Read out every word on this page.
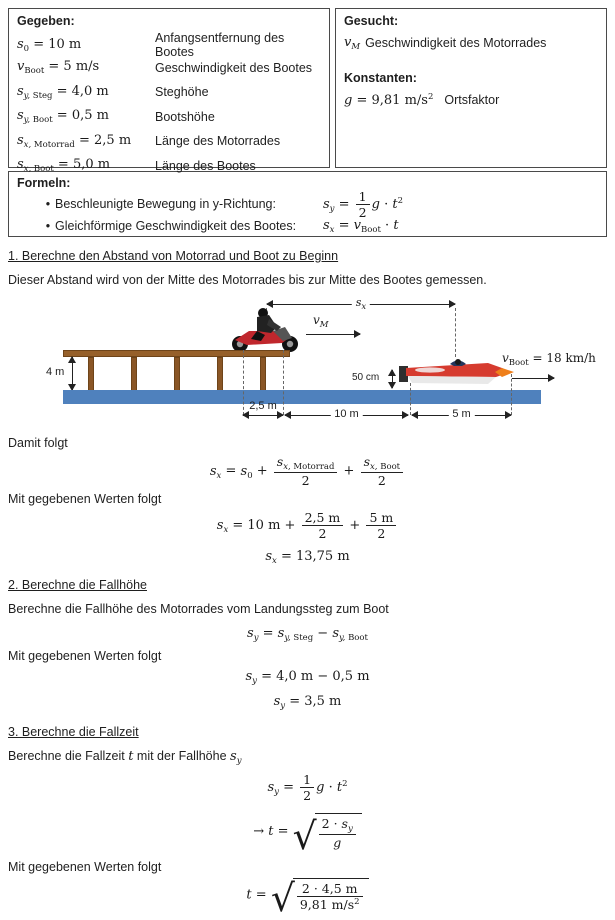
Gegeben:
$s_0 = 10$ m	Anfangsentfernung des Bootes
$v_{Boot} = 5$ m/s	Geschwindigkeit des Bootes
$s_{y,}$ $_{Steg}$ = 4,0 m	Steghöhe
$s_{y,}$ $_{Boot}$ = 0,5 m	Bootshöhe
$s_{x,}$ $_{Motorrad}$ = 2,5 m	Länge des Motorrades
$s_{x,}$ $_{Boot}$ = 5,0 m	Länge des Bootes
Gesucht:
$v_M$ Geschwindigkeit des Motorrades
Konstanten:
g = 9,81 $m/s^2$ Ortsfaktor
Formeln:
• Beschleunigte Bewegung in y-Richtung:	$s_y = \frac{1}{2}$ $g \cdot t^2$
• Gleichförmige Geschwindigkeit des Bootes:	$s_x = v_{Boot} \cdot t$

1. Berechne den Abstand von Motorrad und Boot zu Beginn

Dieser Abstand wird von der Mitte des Motorrades bis zur Mitte des Bootes gemessen.

$s_x$
$v_M$
4 m	50 cm
$v_{Boot} = 18$ km/h
2,5 m
10 m	5 m

Damit folgt

$s_x = s_0 + \frac{s_{x,} _{Motorrad}}{2} + \frac{s_{x,} _{Boot}}{2}$

Mit gegebenen Werten folgt

$s_x = 10$ $m + \frac{2,5 m}{2} + \frac{5 m}{2}$
$s_x = 13,75$ m

2. Berechne die Fallhöhe

Berechne die Fallhöhe des Motorrades vom Landungssteg zum Boot

$s_y = s_{y,}$ $_{Steg} - s_{y,}$ $_{Boot}$

Mit gegebenen Werten folgt

$s_y = 4,0$ m − 0,5 m
$s_y = 3,5$ m

3. Berechne die Fallzeit

Berechne die Fallzeit t mit der Fallhöhe $s_y$

$s_y = \frac{1}{2}$ $g \cdot t^2$
→ t = √ $\frac{2 \cdot s_y}{g}$

Mit gegebenen Werten folgt

t = √ $\frac{2 \cdot 4,5 m}{9,81 m/s^2}$
